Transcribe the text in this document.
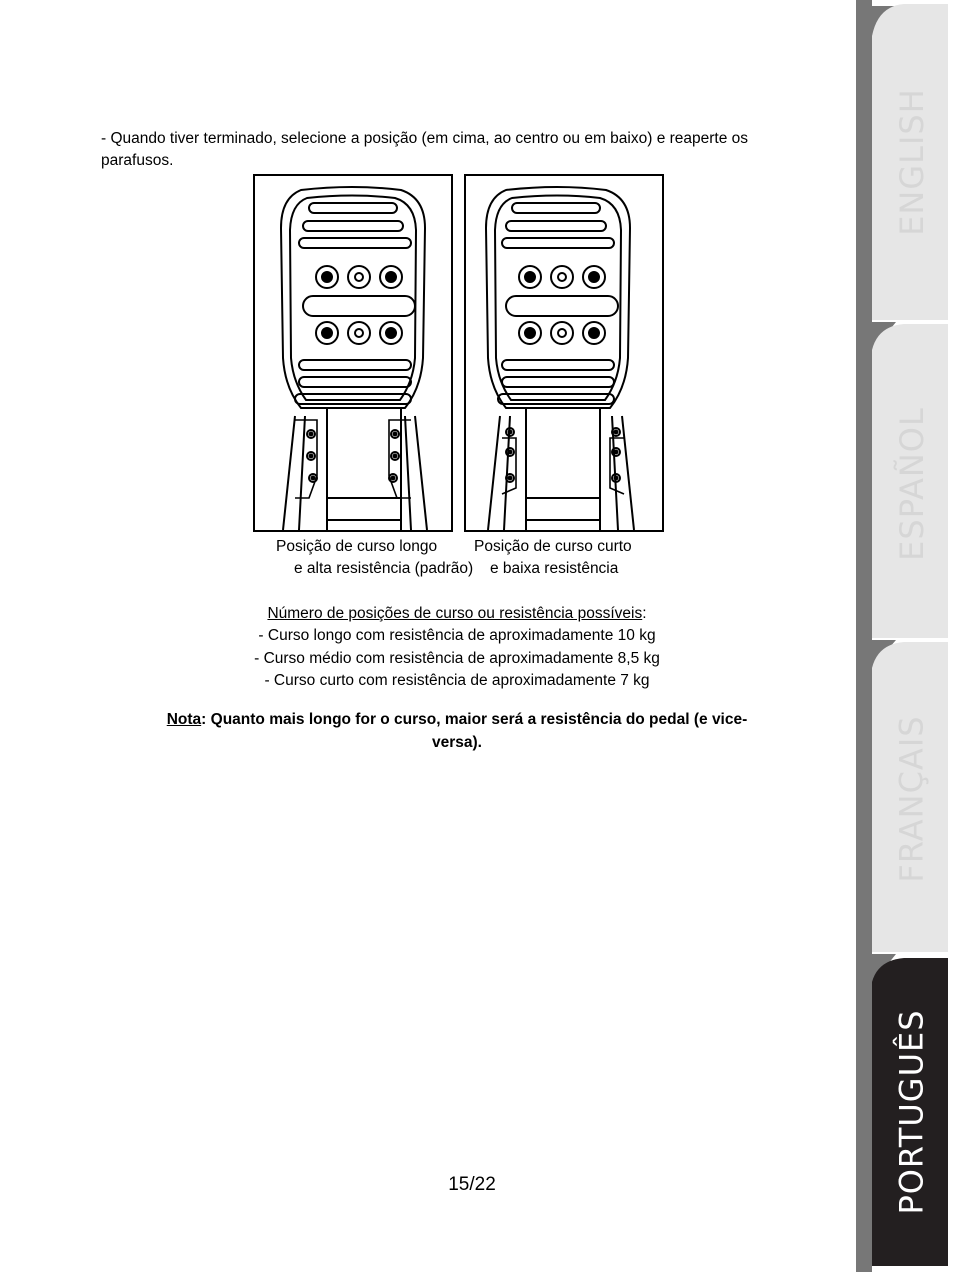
- Quando tiver terminado, selecione a posição (em cima, ao centro ou em baixo) e reaperte os parafusos.
Posição de curso longo
e alta resistência (padrão)
Posição de curso curto
e baixa resistência
Número de posições de curso ou resistência possíveis:
- Curso longo com resistência de aproximadamente 10 kg
- Curso médio com resistência de aproximadamente 8,5 kg
- Curso curto com resistência de aproximadamente 7 kg
Nota: Quanto mais longo for o curso, maior será a resistência do pedal (e vice-versa).
15/22
ENGLISH
ESPAÑOL
FRANÇAIS
PORTUGUÊS
